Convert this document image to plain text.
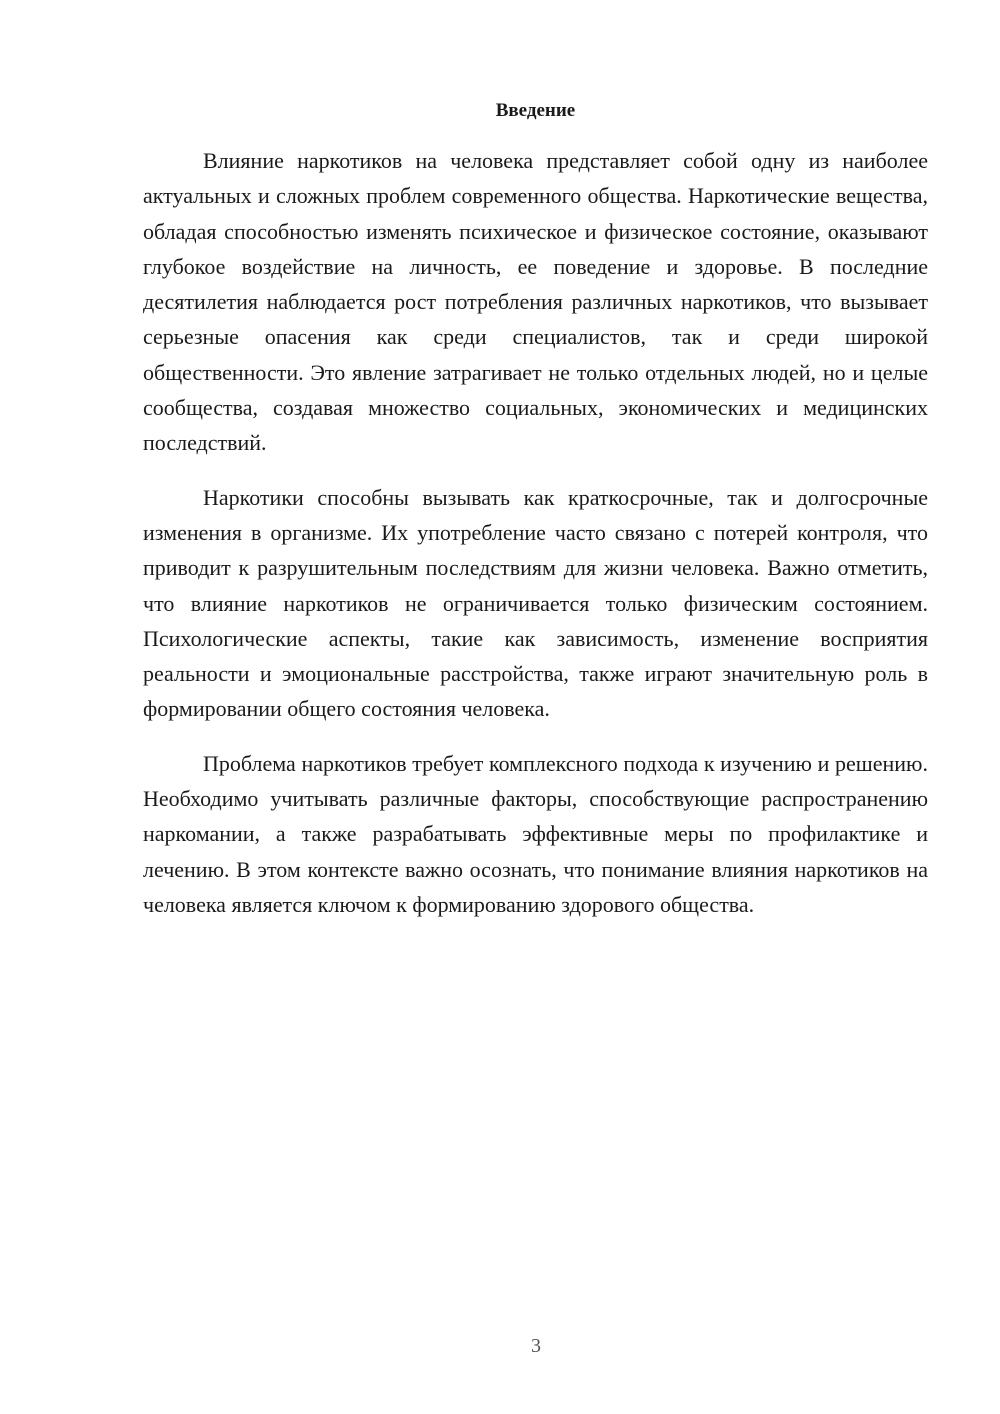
Введение

Влияние наркотиков на человека представляет собой одну из наиболее актуальных и сложных проблем современного общества. Наркотические вещества, обладая способностью изменять психическое и физическое состояние, оказывают глубокое воздействие на личность, ее поведение и здоровье. В последние десятилетия наблюдается рост потребления различных наркотиков, что вызывает серьезные опасения как среди специалистов, так и среди широкой общественности. Это явление затрагивает не только отдельных людей, но и целые сообщества, создавая множество социальных, экономических и медицинских последствий.

Наркотики способны вызывать как краткосрочные, так и долгосрочные изменения в организме. Их употребление часто связано с потерей контроля, что приводит к разрушительным последствиям для жизни человека. Важно отметить, что влияние наркотиков не ограничивается только физическим состоянием. Психологические аспекты, такие как зависимость, изменение восприятия реальности и эмоциональные расстройства, также играют значительную роль в формировании общего состояния человека.

Проблема наркотиков требует комплексного подхода к изучению и решению. Необходимо учитывать различные факторы, способствующие распространению наркомании, а также разрабатывать эффективные меры по профилактике и лечению. В этом контексте важно осознать, что понимание влияния наркотиков на человека является ключом к формированию здорового общества.

3
